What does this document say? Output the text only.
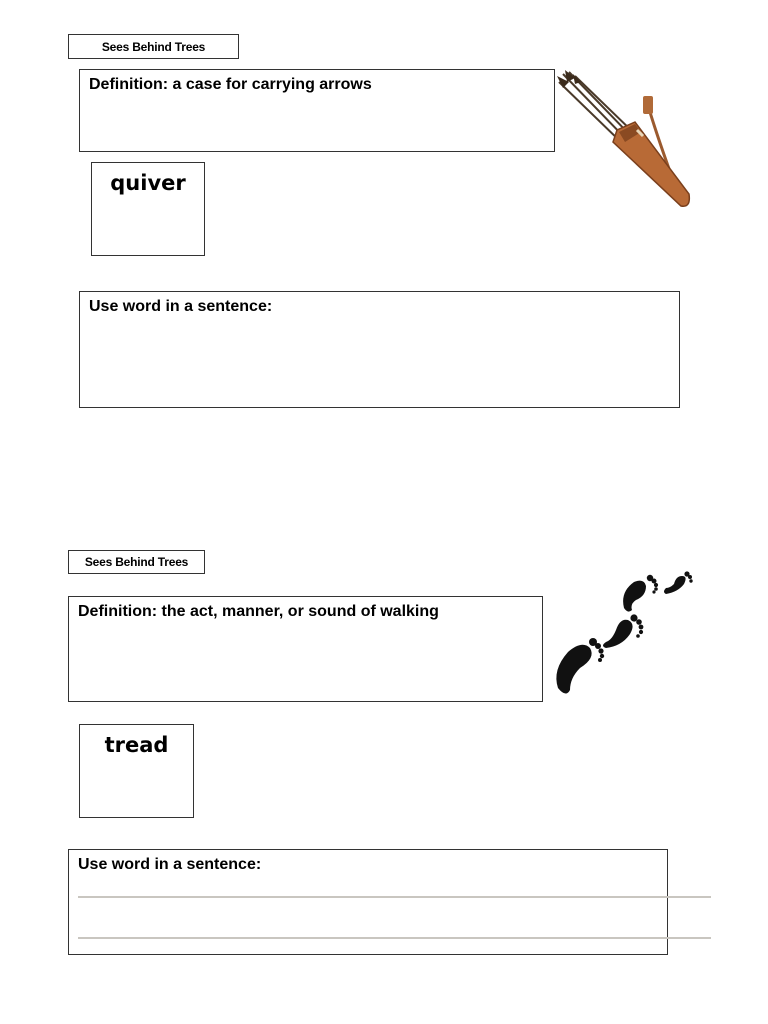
Sees Behind Trees
Definition: a case for carrying arrows
quiver
Use word in a sentence:
Sees Behind Trees
Definition: the act, manner, or sound of walking
tread
Use word in a sentence:
